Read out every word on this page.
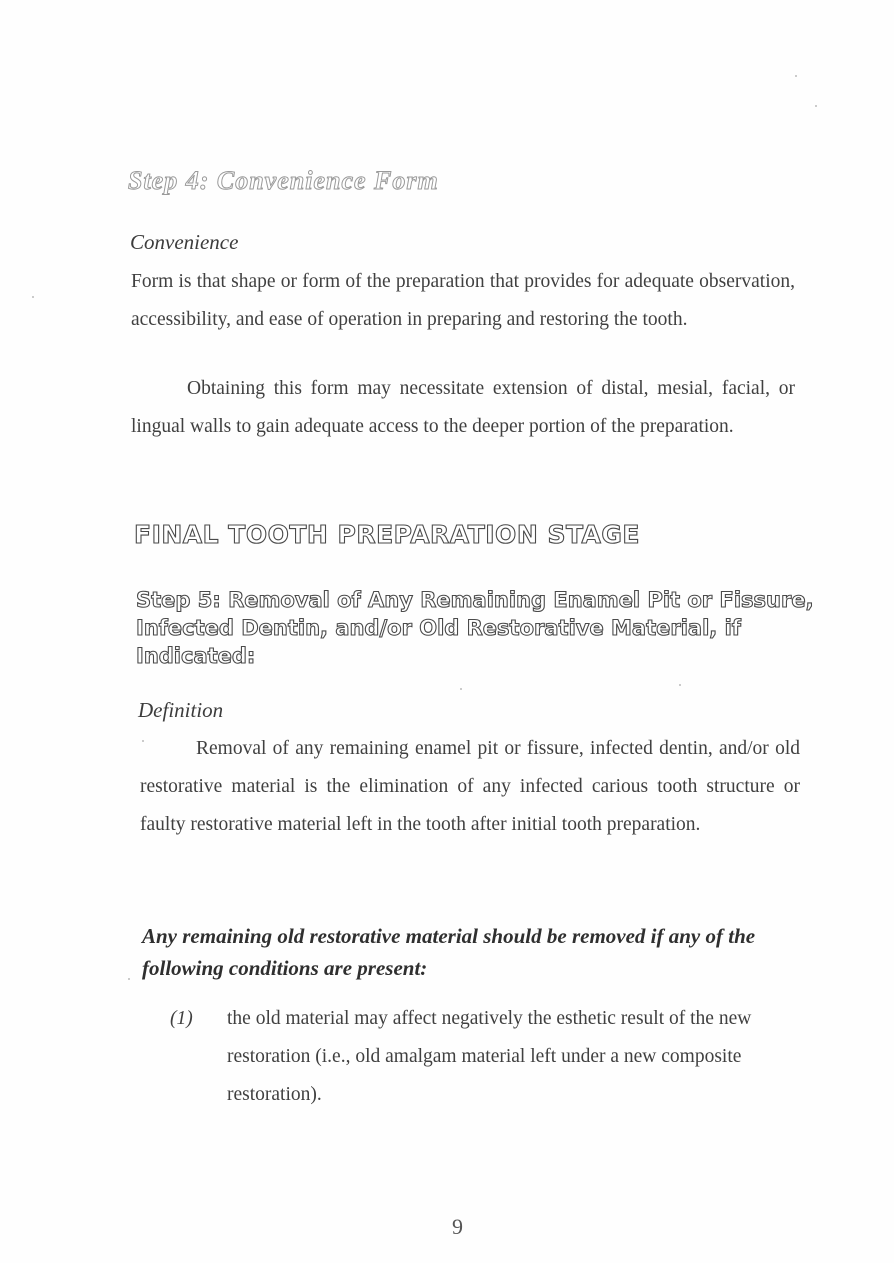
Step 4: Convenience Form
Convenience
Form is that shape or form of the preparation that provides for adequate observation, accessibility, and ease of operation in preparing and restoring the tooth.
Obtaining this form may necessitate extension of distal, mesial, facial, or lingual walls to gain adequate access to the deeper portion of the preparation.
FINAL TOOTH PREPARATION STAGE
Step 5: Removal of Any Remaining Enamel Pit or Fissure, Infected Dentin, and/or Old Restorative Material, if Indicated:
Definition
Removal of any remaining enamel pit or fissure, infected dentin, and/or old restorative material is the elimination of any infected carious tooth structure or faulty restorative material left in the tooth after initial tooth preparation.
Any remaining old restorative material should be removed if any of the following conditions are present:
(1) the old material may affect negatively the esthetic result of the new restoration (i.e., old amalgam material left under a new composite restoration).
9
